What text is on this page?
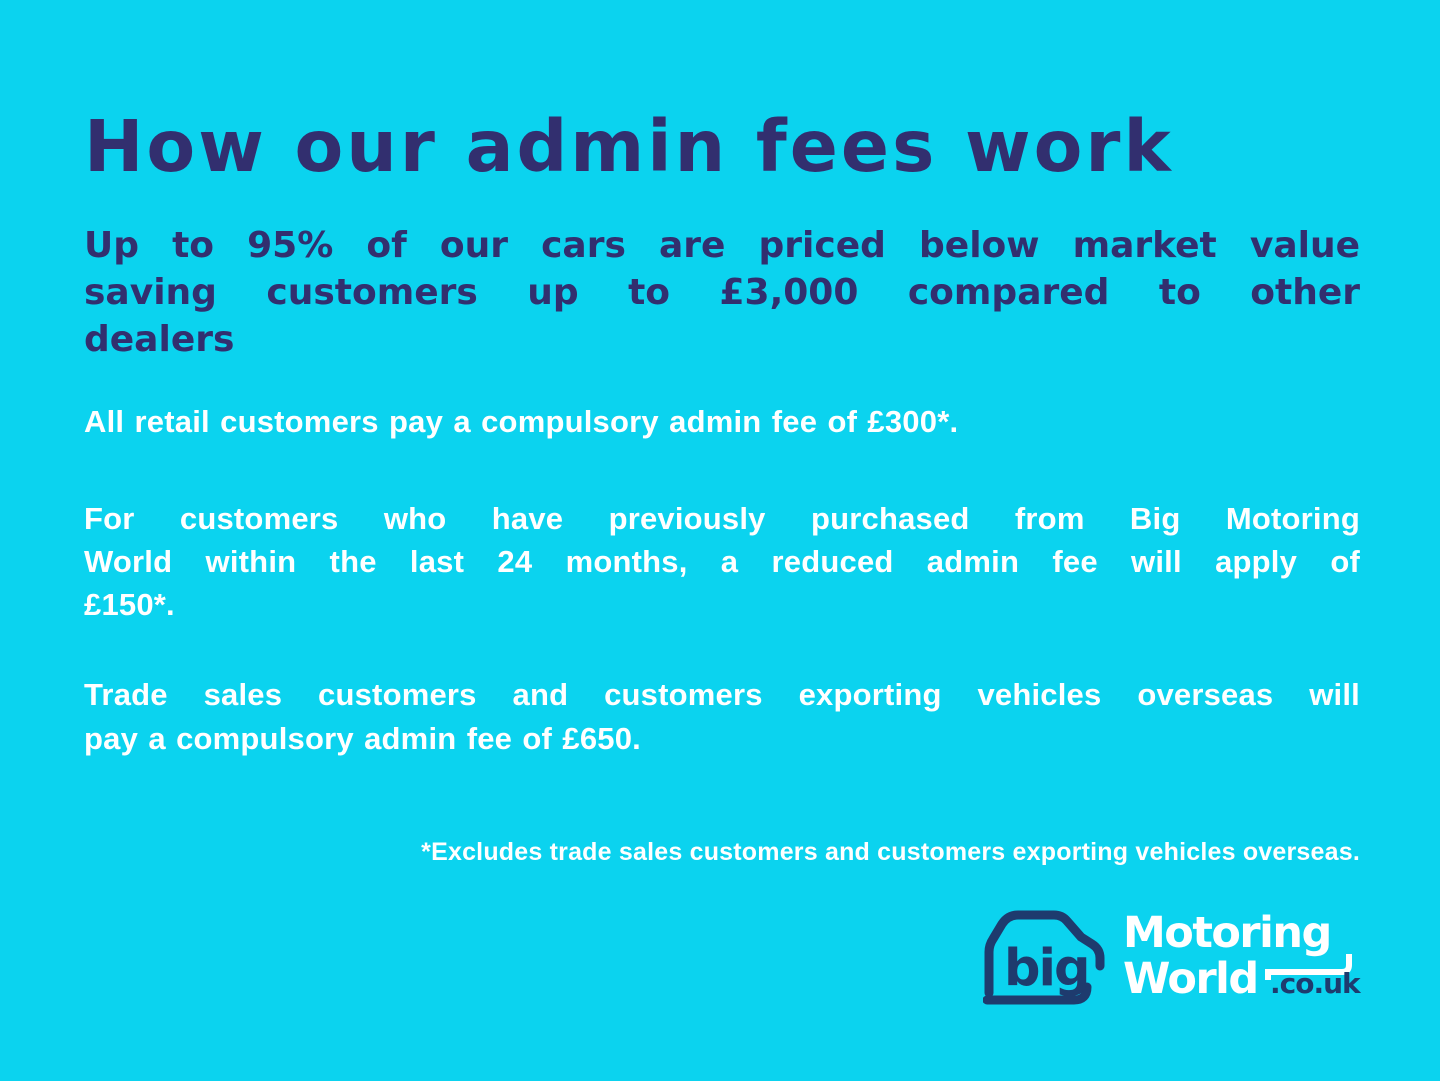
How our admin fees work
Up to 95% of our cars are priced below market value
saving customers up to £3,000 compared to other
dealers

All retail customers pay a compulsory admin fee of £300*.

For customers who have previously purchased from Big Motoring
World within the last 24 months, a reduced admin fee will apply of
£150*.
Trade sales customers and customers exporting vehicles overseas will
pay a compulsory admin fee of £650.
*Excludes trade sales customers and customers exporting vehicles overseas.
big
Motoring
World .co.uk
